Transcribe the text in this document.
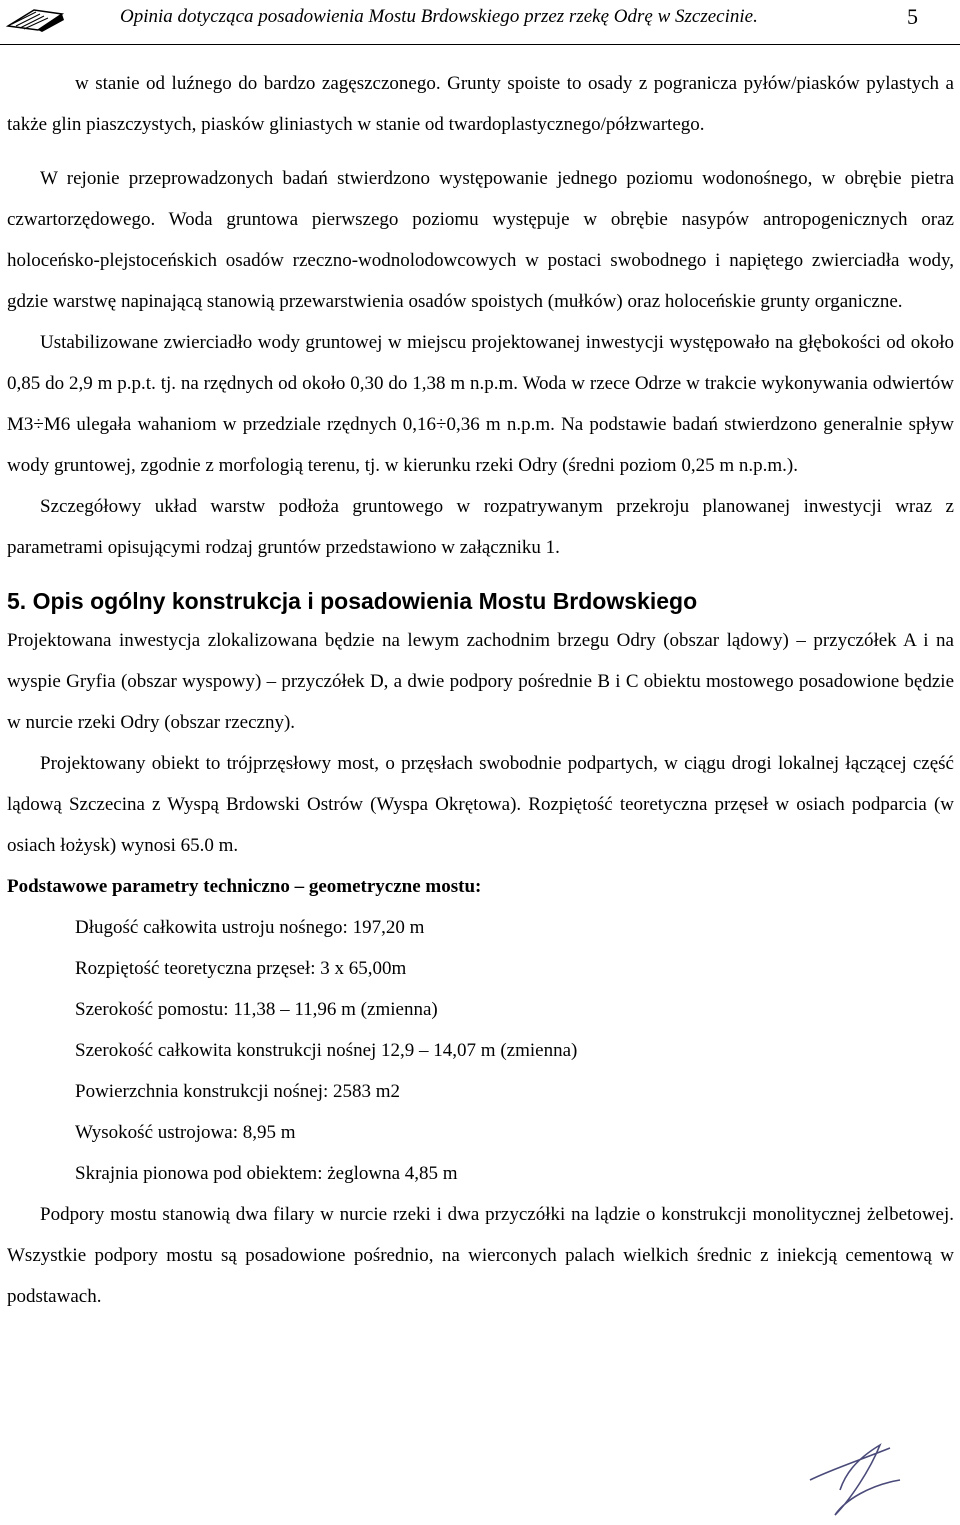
Opinia dotycząca posadowienia Mostu Brdowskiego przez rzekę Odrę w Szczecinie.	5

w stanie od luźnego do bardzo zagęszczonego. Grunty spoiste to osady z pogranicza pyłów/piasków pylastych a także glin piaszczystych, piasków gliniastych w stanie od twardoplastycznego/półzwartego.

W rejonie przeprowadzonych badań stwierdzono występowanie jednego poziomu wodonośnego, w obrębie pietra czwartorzędowego. Woda gruntowa pierwszego poziomu występuje w obrębie nasypów antropogenicznych oraz holoceńsko-plejstoceńskich osadów rzeczno-wodnolodowcowych w postaci swobodnego i napiętego zwierciadła wody, gdzie warstwę napinającą stanowią przewarstwienia osadów spoistych (mułków) oraz holoceńskie grunty organiczne.

Ustabilizowane zwierciadło wody gruntowej w miejscu projektowanej inwestycji występowało na głębokości od około 0,85 do 2,9 m p.p.t. tj. na rzędnych od około 0,30 do 1,38 m n.p.m. Woda w rzece Odrze w trakcie wykonywania odwiertów M3÷M6 ulegała wahaniom w przedziale rzędnych 0,16÷0,36 m n.p.m. Na podstawie badań stwierdzono generalnie spływ wody gruntowej, zgodnie z morfologią terenu, tj. w kierunku rzeki Odry (średni poziom 0,25 m n.p.m.).

Szczegółowy układ warstw podłoża gruntowego w rozpatrywanym przekroju planowanej inwestycji wraz z parametrami opisującymi rodzaj gruntów przedstawiono w załączniku 1.

5. Opis ogólny konstrukcja i posadowienia Mostu Brdowskiego

Projektowana inwestycja zlokalizowana będzie na lewym zachodnim brzegu Odry (obszar lądowy) – przyczółek A i na wyspie Gryfia (obszar wyspowy) – przyczółek D, a dwie podpory pośrednie B i C obiektu mostowego posadowione będzie w nurcie rzeki Odry (obszar rzeczny).

Projektowany obiekt to trójprzęsłowy most, o przęsłach swobodnie podpartych, w ciągu drogi lokalnej łączącej część lądową Szczecina z Wyspą Brdowski Ostrów (Wyspa Okrętowa). Rozpiętość teoretyczna przęseł w osiach podparcia (w osiach łożysk) wynosi 65.0 m.

Podstawowe parametry techniczno – geometryczne mostu:

Długość całkowita ustroju nośnego: 197,20 m
Rozpiętość teoretyczna przęseł: 3 x 65,00m
Szerokość pomostu: 11,38 – 11,96 m (zmienna)
Szerokość całkowita konstrukcji nośnej 12,9 – 14,07 m (zmienna)
Powierzchnia konstrukcji nośnej: 2583 m2
Wysokość ustrojowa: 8,95 m
Skrajnia pionowa pod obiektem: żeglowna 4,85 m

Podpory mostu stanowią dwa filary w nurcie rzeki i dwa przyczółki na lądzie o konstrukcji monolitycznej żelbetowej. Wszystkie podpory mostu są posadowione pośrednio, na wierconych palach wielkich średnic z iniekcją cementową w podstawach.
